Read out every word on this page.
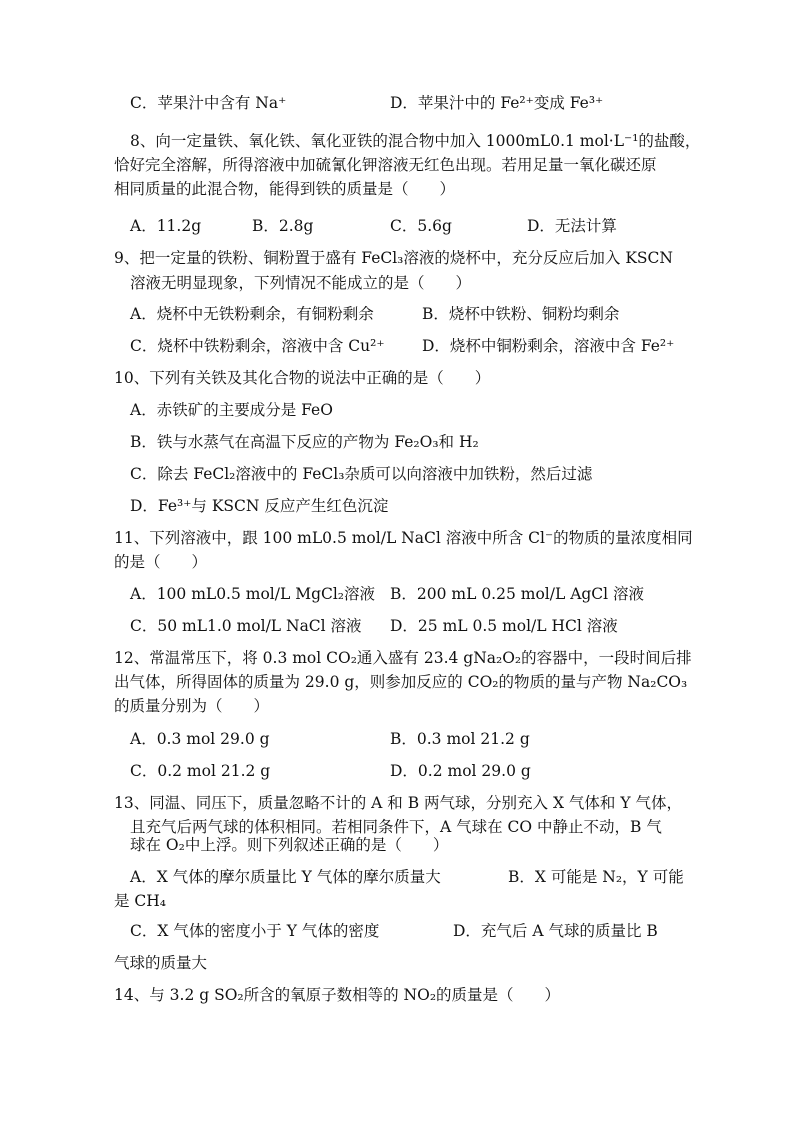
C．苹果汁中含有 Na⁺	D．苹果汁中的 Fe²⁺变成 Fe³⁺
8、向一定量铁、氧化铁、氧化亚铁的混合物中加入 1000mL0.1 mol·L⁻¹的盐酸，
恰好完全溶解，所得溶液中加硫氰化钾溶液无红色出现。若用足量一氧化碳还原
相同质量的此混合物，能得到铁的质量是（　　）
A．11.2g	B．2.8g	C．5.6g	D．无法计算
9、把一定量的铁粉、铜粉置于盛有 FeCl₃溶液的烧杯中，充分反应后加入 KSCN
溶液无明显现象，下列情况不能成立的是（　　）
A．烧杯中无铁粉剩余，有铜粉剩余	B．烧杯中铁粉、铜粉均剩余
C．烧杯中铁粉剩余，溶液中含 Cu²⁺ D．烧杯中铜粉剩余，溶液中含 Fe²⁺
10、下列有关铁及其化合物的说法中正确的是（　　）
A．赤铁矿的主要成分是 FeO
B．铁与水蒸气在高温下反应的产物为 Fe₂O₃和 H₂
C．除去 FeCl₂溶液中的 FeCl₃杂质可以向溶液中加铁粉，然后过滤
D．Fe³⁺与 KSCN 反应产生红色沉淀
11、下列溶液中，跟 100 mL0.5 mol/L NaCl 溶液中所含 Cl⁻的物质的量浓度相同
的是（　　）
A．100 mL0.5 mol/L MgCl₂溶液 B．200 mL 0.25 mol/L AgCl 溶液
C．50 mL1.0 mol/L NaCl 溶液 D．25 mL 0.5 mol/L HCl 溶液
12、常温常压下，将 0.3 mol CO₂通入盛有 23.4 gNa₂O₂的容器中，一段时间后排
出气体，所得固体的质量为 29.0 g，则参加反应的 CO₂的物质的量与产物 Na₂CO₃
的质量分别为（　　）
A．0.3 mol 29.0 g	B．0.3 mol 21.2 g
C．0.2 mol 21.2 g	D．0.2 mol 29.0 g
13、同温、同压下，质量忽略不计的 A 和 B 两气球，分别充入 X 气体和 Y 气体，
且充气后两气球的体积相同。若相同条件下，A 气球在 CO 中静止不动，B 气
球在 O₂中上浮。则下列叙述正确的是（　　）
A．X 气体的摩尔质量比 Y 气体的摩尔质量大	B．X 可能是 N₂，Y 可能
是 CH₄
C．X 气体的密度小于 Y 气体的密度	D．充气后 A 气球的质量比 B
气球的质量大
14、与 3.2 g SO₂所含的氧原子数相等的 NO₂的质量是（　　）
